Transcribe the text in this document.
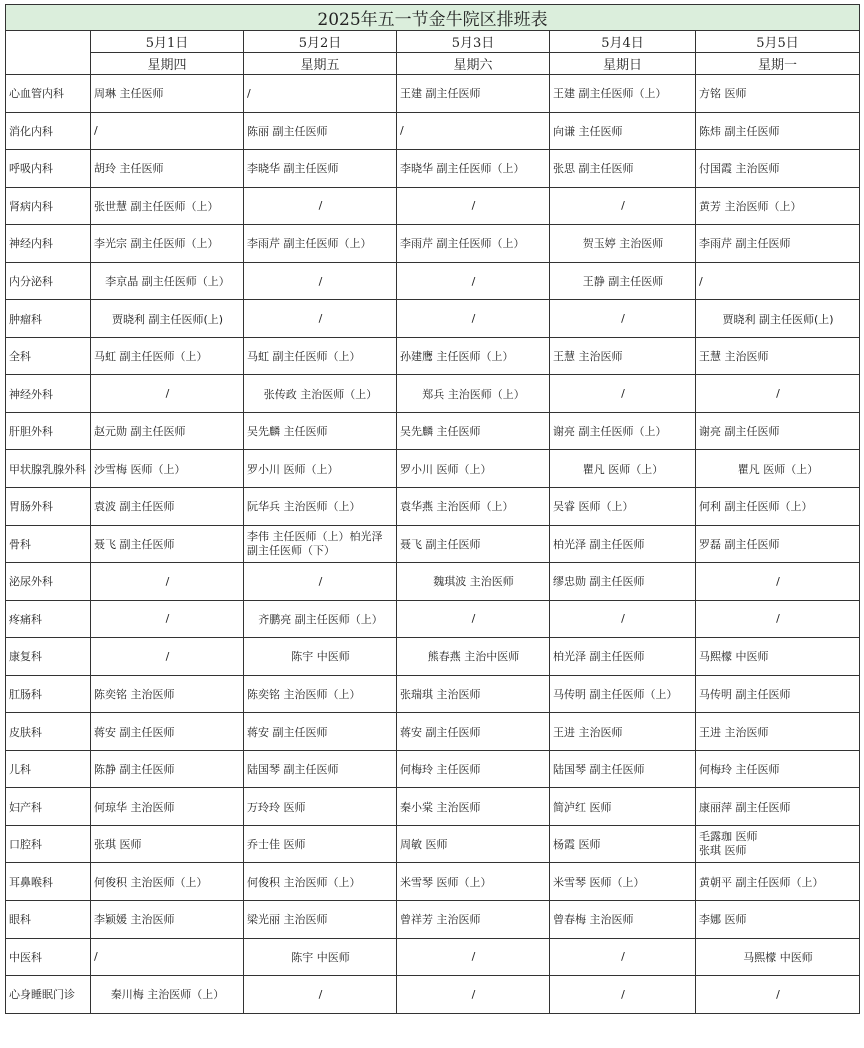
2025年五一节金牛院区排班表					
	5月1日	5月2日	5月3日	5月4日	5月5日
	星期四	星期五	星期六	星期日	星期一
心血管内科	周琳 主任医师	/	王建 副主任医师	王建 副主任医师（上）	方铭 医师
消化内科	/	陈丽 副主任医师	/	向谦 主任医师	陈炜 副主任医师
呼吸内科	胡玲 主任医师	李晓华 副主任医师	李晓华 副主任医师（上）	张思 副主任医师	付国霞 主治医师
肾病内科	张世慧 副主任医师（上）	/	/	/	黄芳 主治医师（上）
神经内科	李光宗 副主任医师（上）	李雨芹 副主任医师（上）	李雨芹 副主任医师（上）	贺玉婷 主治医师	李雨芹 副主任医师
内分泌科	李京晶 副主任医师（上）	/	/	王静 副主任医师	/
肿瘤科	贾晓利 副主任医师(上)	/	/	/	贾晓利 副主任医师(上)
全科	马虹 副主任医师（上）	马虹 副主任医师（上）	孙建鹰 主任医师（上）	王慧 主治医师	王慧 主治医师
神经外科	/	张传政 主治医师（上）	郑兵 主治医师（上）	/	/
肝胆外科	赵元勋 副主任医师	吴先麟 主任医师	吴先麟 主任医师	谢亮 副主任医师（上）	谢亮 副主任医师
甲状腺乳腺外科	沙雪梅 医师（上）	罗小川 医师（上）	罗小川 医师（上）	瞿凡 医师（上）	瞿凡 医师（上）
胃肠外科	袁波 副主任医师	阮华兵 主治医师（上）	袁华燕 主治医师（上）	吴睿 医师（上）	何利 副主任医师（上）
骨科	聂飞 副主任医师	李伟 主任医师（上）柏光泽 副主任医师（下）	聂飞 副主任医师	柏光泽 副主任医师	罗磊 副主任医师
泌尿外科	/	/	魏琪波 主治医师	缪忠勋 副主任医师	/
疼痛科	/	齐鹏亮 副主任医师（上）	/	/	/
康复科	/	陈宇 中医师	熊春燕 主治中医师	柏光泽 副主任医师	马熙檬 中医师
肛肠科	陈奕铭 主治医师	陈奕铭 主治医师（上）	张瑞琪 主治医师	马传明 副主任医师（上）	马传明 副主任医师
皮肤科	蒋安 副主任医师	蒋安 副主任医师	蒋安 副主任医师	王进 主治医师	王进 主治医师
儿科	陈静 副主任医师	陆国琴 副主任医师	何梅玲 主任医师	陆国琴 副主任医师	何梅玲 主任医师
妇产科	何琼华 主治医师	万玲玲 医师	秦小棠 主治医师	简泸红 医师	康丽萍 副主任医师
口腔科	张琪 医师	乔士佳 医师	周敏 医师	杨霞 医师	毛露珈 医师
张琪 医师
耳鼻喉科	何俊积 主治医师（上）	何俊积 主治医师（上）	米雪琴 医师（上）	米雪琴 医师（上）	黄朝平 副主任医师（上）
眼科	李颖媛 主治医师	梁光丽 主治医师	曾祥芳 主治医师	曾春梅 主治医师	李娜 医师
中医科	/	陈宇 中医师	/	/	马熙檬 中医师
心身睡眠门诊	秦川梅 主治医师（上）	/	/	/	/
